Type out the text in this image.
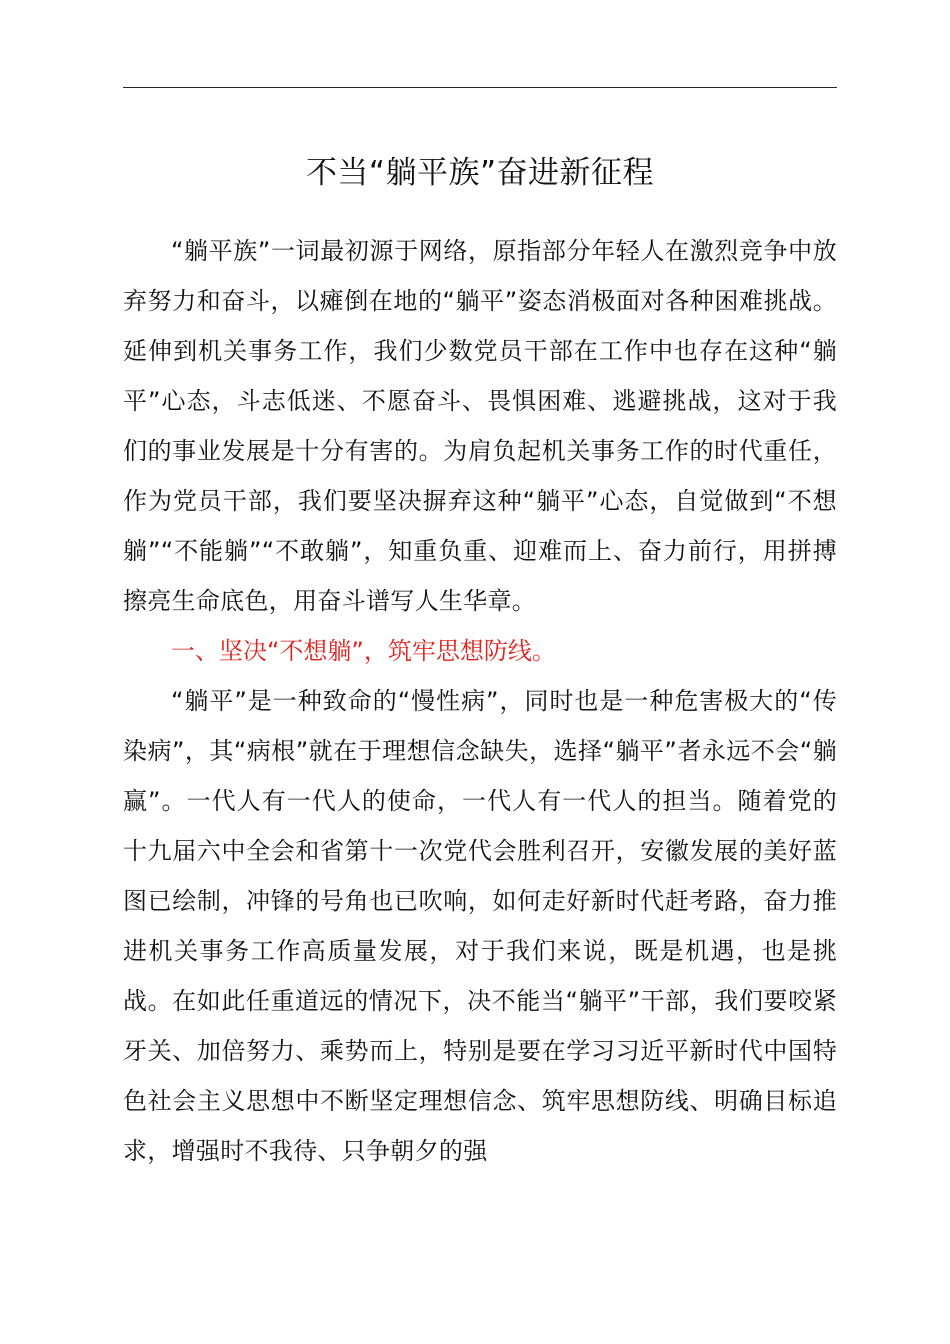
不当“躺平族”奋进新征程

“躺平族”一词最初源于网络，原指部分年轻人在激烈竞争中放弃努力和奋斗，以瘫倒在地的“躺平”姿态消极面对各种困难挑战。延伸到机关事务工作，我们少数党员干部在工作中也存在这种“躺平”心态，斗志低迷、不愿奋斗、畏惧困难、逃避挑战，这对于我们的事业发展是十分有害的。为肩负起机关事务工作的时代重任，作为党员干部，我们要坚决摒弃这种“躺平”心态，自觉做到“不想躺”“不能躺”“不敢躺”，知重负重、迎难而上、奋力前行，用拼搏擦亮生命底色，用奋斗谱写人生华章。

一、坚决“不想躺”，筑牢思想防线。

“躺平”是一种致命的“慢性病”，同时也是一种危害极大的“传染病”，其“病根”就在于理想信念缺失，选择“躺平”者永远不会“躺赢”。一代人有一代人的使命，一代人有一代人的担当。随着党的十九届六中全会和省第十一次党代会胜利召开，安徽发展的美好蓝图已绘制，冲锋的号角也已吹响，如何走好新时代赶考路，奋力推进机关事务工作高质量发展，对于我们来说，既是机遇，也是挑战。在如此任重道远的情况下，决不能当“躺平”干部，我们要咬紧牙关、加倍努力、乘势而上，特别是要在学习习近平新时代中国特色社会主义思想中不断坚定理想信念、筑牢思想防线、明确目标追求，增强时不我待、只争朝夕的强
